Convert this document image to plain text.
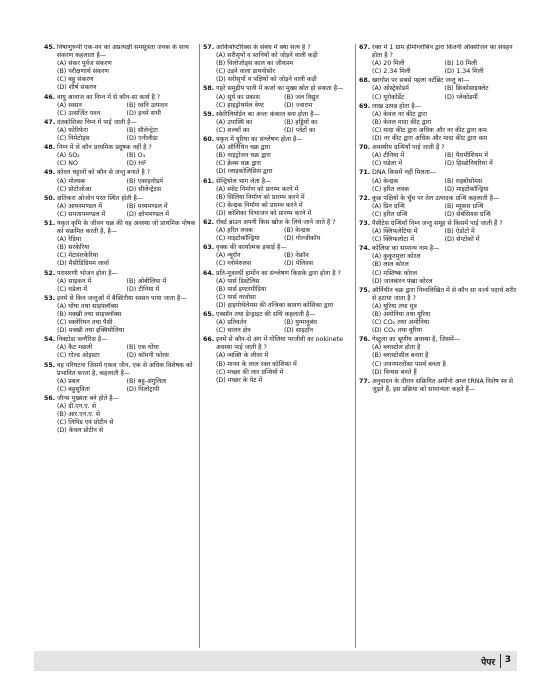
45. विषाणुरूपी एक-वन का अप्रत्यक्षी समसूत्रता जनक के साथ संकरण कहलाता है—
(A) संकर पूर्वज संकरण
(B) परीक्षणार्थ संकरण
(C) बहु संकरण
(D) शीर्ष संकरण
46. वायु आवाज का निम्न में से कौन-सा कार्य है ?
(A) स्वसन	(B) ध्वनि उत्पादन
(C) उत्सर्जित पवन	(D) इनमें सभी
47. दंतकोशिका निम्न में पाई जाती है—
(A) फोरिफेरा	(B) सीलेन्ट्रेटा
(C) निमेटोड्स	(D) एनीलीडा
48. निम्न में से कौन प्राथमिक प्रदूषक नहीं है ?
(A) SO₂	(B) O₃
(C) NO	(D) HF
49. कोरल चट्टानों को कौन से जन्तु बनाते है ?
(A) मोलस्क	(B) एकाइनोडर्म
(C) प्रोटोजोआ	(D) सीलेन्ट्रेटस
50. क्षतिकरा ओजोन परत स्थित होती है—
(A) आयनमण्डल में	(B) मध्यमण्डल में
(C) समतापमण्डल में	(D) क्षोभमण्डल में
51. यकृत कृमि के जीवन चक्र की वह अवस्था जो प्राथमिक पोषक को संक्रमित करती है, है—
(A) रेडिया
(B) सरकेरिया
(C) मेटासरकेरिया
(D) मैसीडिडियम लार्वा
52. परासरणी भोजन होता है—
(A) साइकन में	(B) ओबीलिया में
(C) घडेला में	(D) टीनिया में
53. इनमें से किन जन्तुओं में बैक्टिरीया स्वसन पाया जाता है—
(A) घोंघा तथा साइफ्लॉक्स
(B) मक्खी तथा साइफ्लॉक्स
(C) स्क्लेरियन तथा पैसी
(D) मक्खी तथा इक्वियोलिया
54. निक्टोडा वल्गैरिस है—
(A) कैट मछली	(B) एक घोंघा
(C) गोल्ड ओइस्टर	(D) कॉमनी फोरस
55. वह परिघटना जिसमें एकल जीन, एक से अधिक विशेषक को प्रभावित करता है, कहलाती है—
(A) प्रबल	(B) बहु-अंगुलिता
(C) बहुसूत्रिता	(D) पिलोट्रापी
56. जीन्स मुख्यतः बने होते है—
(A) डी.एन.ए. से
(B) आर.एन.ए. से
(C) लिपिड एवं प्रोटीन से
(D) केवल प्रोटीन से
57. आर्कियोप्टेरिक्स के संबंध में क्या सत्य है ?
(A) सरीसृपों व स्तनियों को जोड़ने वाली कड़ी
(B) विलोजोड्स काल का जीवाश्म
(C) उड़ने वाला डायनोसोर
(D) सरीसृपों व पक्षियों को जोड़ने वाली कड़ी
58. गहरे समुद्रीय पानी में कर्जा का मुख्य स्रोत हो सकता है—
(A) सूर्य का प्रकाश	(B) जल विद्युत
(C) हाइड्रोथर्मल वेण्ट	(D) ज्वाराम
59. स्केरिलियोर्डन का अन्तः कंकाल बना होता है—
(A) उपास्थि का	(B) हड्डियों का
(C) शल्कों का	(D) प्लेटों का
60. यकृत में यूरिया का संश्लेषण होता है—
(A) ऑर्निथिन चक्र द्वारा
(B) नाइट्रोजन चक्र द्वारा
(C) क्रेब्स चक्र द्वारा
(D) ग्लाइकोलिसिस द्वारा
61. सेन्ट्रियोल भाग लेता है—
(A) स्पोट निर्माण को प्रारम्भ करने में
(B) सिलिया निर्माण को प्रारम्भ करने में
(C) केन्द्रक निर्माण को प्रारम्भ करने में
(D) कोशिका विभाजन को प्रारम्भ करने में
62. रॉबर्ट ब्राउन अपनी किस खोज के लिये जाने जाते है ?
(A) हरित लवक	(B) केन्द्रक
(C) माइटोकॉन्ड्रिया	(D) गोल्जीकॉय
63. वृक्क की कार्यात्मक इकाई है—
(A) न्यूरॉन	(B) नेफ्रॉन
(C) ग्लोमेरुलस	(D) पेलिवस
64. प्रति-मूत्रवर्धी हार्मोन का संश्लेषण किसके द्वारा होता है ?
(A) पार्स डिस्टेलिस
(B) पार्स इण्टरमीडिया
(C) पार्स नरवोसा
(D) हाइपोथेलेमस की तन्त्रिका स्रावण कोशिका द्वारा
65. एक्सॉन तथा डेन्ड्राइट की संधि कहलाती है—
(A) प्रतिवर्तन	(B) युग्मानुबंध
(C) चालन क्षेत्र	(D) साइटॉन
66. इनमें से कौन-से अंग में गोलिया परजीवी का ookinete अवस्था पाई जाती है ?
(A) व्यक्ति के लीवर में
(B) मानव के लाल रक्त कोशिका में
(C) मच्छर की लार ग्रन्थियों में
(D) मच्छर के पेट में
67. रक्त में 1 ग्राम हीमोग्लोबिन द्वारा कितनी ऑक्सीजन का संवहन होता है ?
(A) 20 मिली	(B) 10 मिली
(C) 2.34 मिली	(D) 1.34 मिली
68. खरगोश पर सबसे पहला वर्टीब्रेट जन्तु था—
(A) ओस्ट्रेकोडर्म	(B) क्रिकोसाइक्लेट
(C) यूरोकोर्डेट	(D) प्लेकोडर्मी
69. लाख उत्पन्न होता है—
(A) केवल नर कीट द्वारा
(B) केवल मादा कीट द्वारा
(C) मादा कीट द्वारा अधिक और नर कीट द्वारा कम
(D) नर कीट द्वारा अधिक और मादा कीट द्वारा कम
70. अवस्थीय ग्रन्थियाँ पाई जाती हैं ?
(A) टीनिया में	(B) पैरामीशियम में
(C) घडेला में	(D) हिस्डोनियरिया में
71. DNA किसमें नहीं मिलता—
(A) केन्द्रक	(B) राइबोसोमस
(C) हरित लवक	(D) माइटोकॉन्ड्रिया
72. कुछ पक्षियों के चूँच पर तेल उत्पादक ग्रन्थि कहलाती है—
(A) प्रिन ग्रन्थि	(B) म्यूकस ग्रन्थि
(C) हरित ग्रन्थि	(D) सेबेसियस ग्रन्थि
73. पैसीटेस ग्रन्थियाँ निम्न जन्तु समूह से किसमें पाई जाती हैं ?
(A) क्लिफलेटिया में	(B) ऐडोंटों में
(C) क्लिफलोटा में	(D) सेप्टोकों में
74. कोलिया का सामान्य नाम है—
(A) कुकुरमुत्ता कोरल
(B) लाल कोरल
(C) मस्तिष्क कोरल
(D) जानबारन पंखा कोरल
75. ऑर्निथीन चक्र द्वारा निम्नलिखित में से कौन सा वर्ज्य पदार्थ शरीर से हटाया जाता है ?
(A) यूरिया तथा मूत्र
(B) अमोनिया तथा यूरिया
(C) CO₂ तथा अमोनिया
(D) CO₂ तथा यूरिया
76. गेस्ट्रुला का भ्रूणीय अवस्था है, जिसमें—
(A) ब्लास्टोल होता है
(B) ब्लास्टोसील बनता है
(C) जननपरतोंका पार्श्व बनता है
(D) विन्यस बनते हैं
77. अनुवादन के दौरान सक्रियित अमीनो अम्ल tRNA विशेष स्व से जुड़ते हैं, इस प्रक्रिया को सामान्यतः कहते हैं—
पेपर 3
